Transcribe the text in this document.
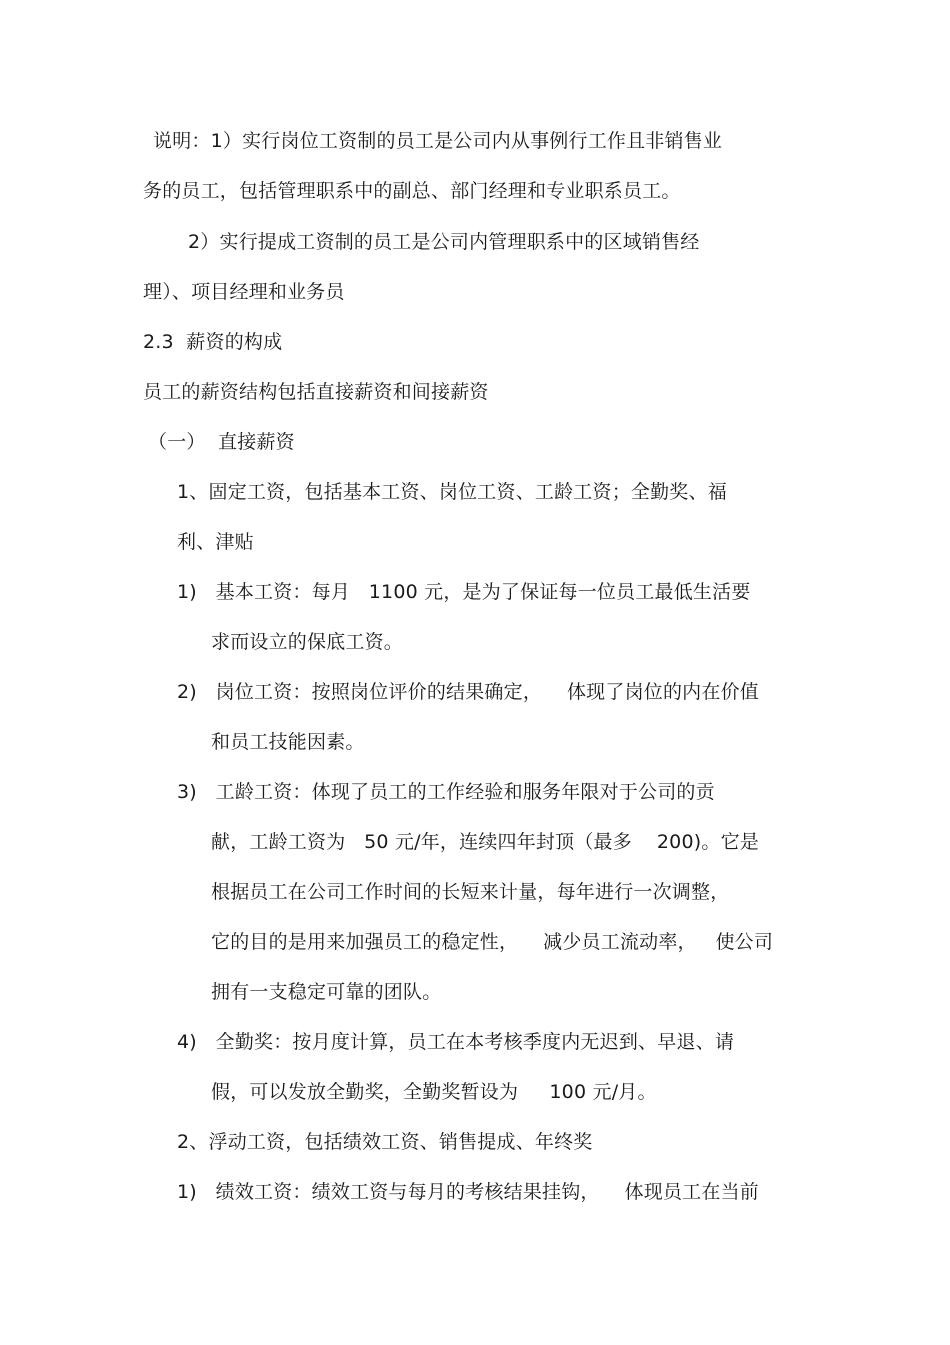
说明：1）实行岗位工资制的员工是公司内从事例行工作且非销售业
务的员工，包括管理职系中的副总、部门经理和专业职系员工。
2）实行提成工资制的员工是公司内管理职系中的区域销售经
理）、项目经理和业务员
2.3  薪资的构成
员工的薪资结构包括直接薪资和间接薪资
（一）  直接薪资
1、固定工资，包括基本工资、岗位工资、工龄工资；全勤奖、福
利、津贴
1)   基本工资：每月   1100 元，是为了保证每一位员工最低生活要
求而设立的保底工资。
2)   岗位工资：按照岗位评价的结果确定，    体现了岗位的内在价值
和员工技能因素。
3)   工龄工资：体现了员工的工作经验和服务年限对于公司的贡
献，工龄工资为   50 元/年，连续四年封顶（最多    200)。它是
根据员工在公司工作时间的长短来计量，每年进行一次调整，
它的目的是用来加强员工的稳定性，    减少员工流动率，   使公司
拥有一支稳定可靠的团队。
4)   全勤奖：按月度计算，员工在本考核季度内无迟到、早退、请
假，可以发放全勤奖，全勤奖暂设为     100 元/月。
2、浮动工资，包括绩效工资、销售提成、年终奖
1)   绩效工资：绩效工资与每月的考核结果挂钩，    体现员工在当前
